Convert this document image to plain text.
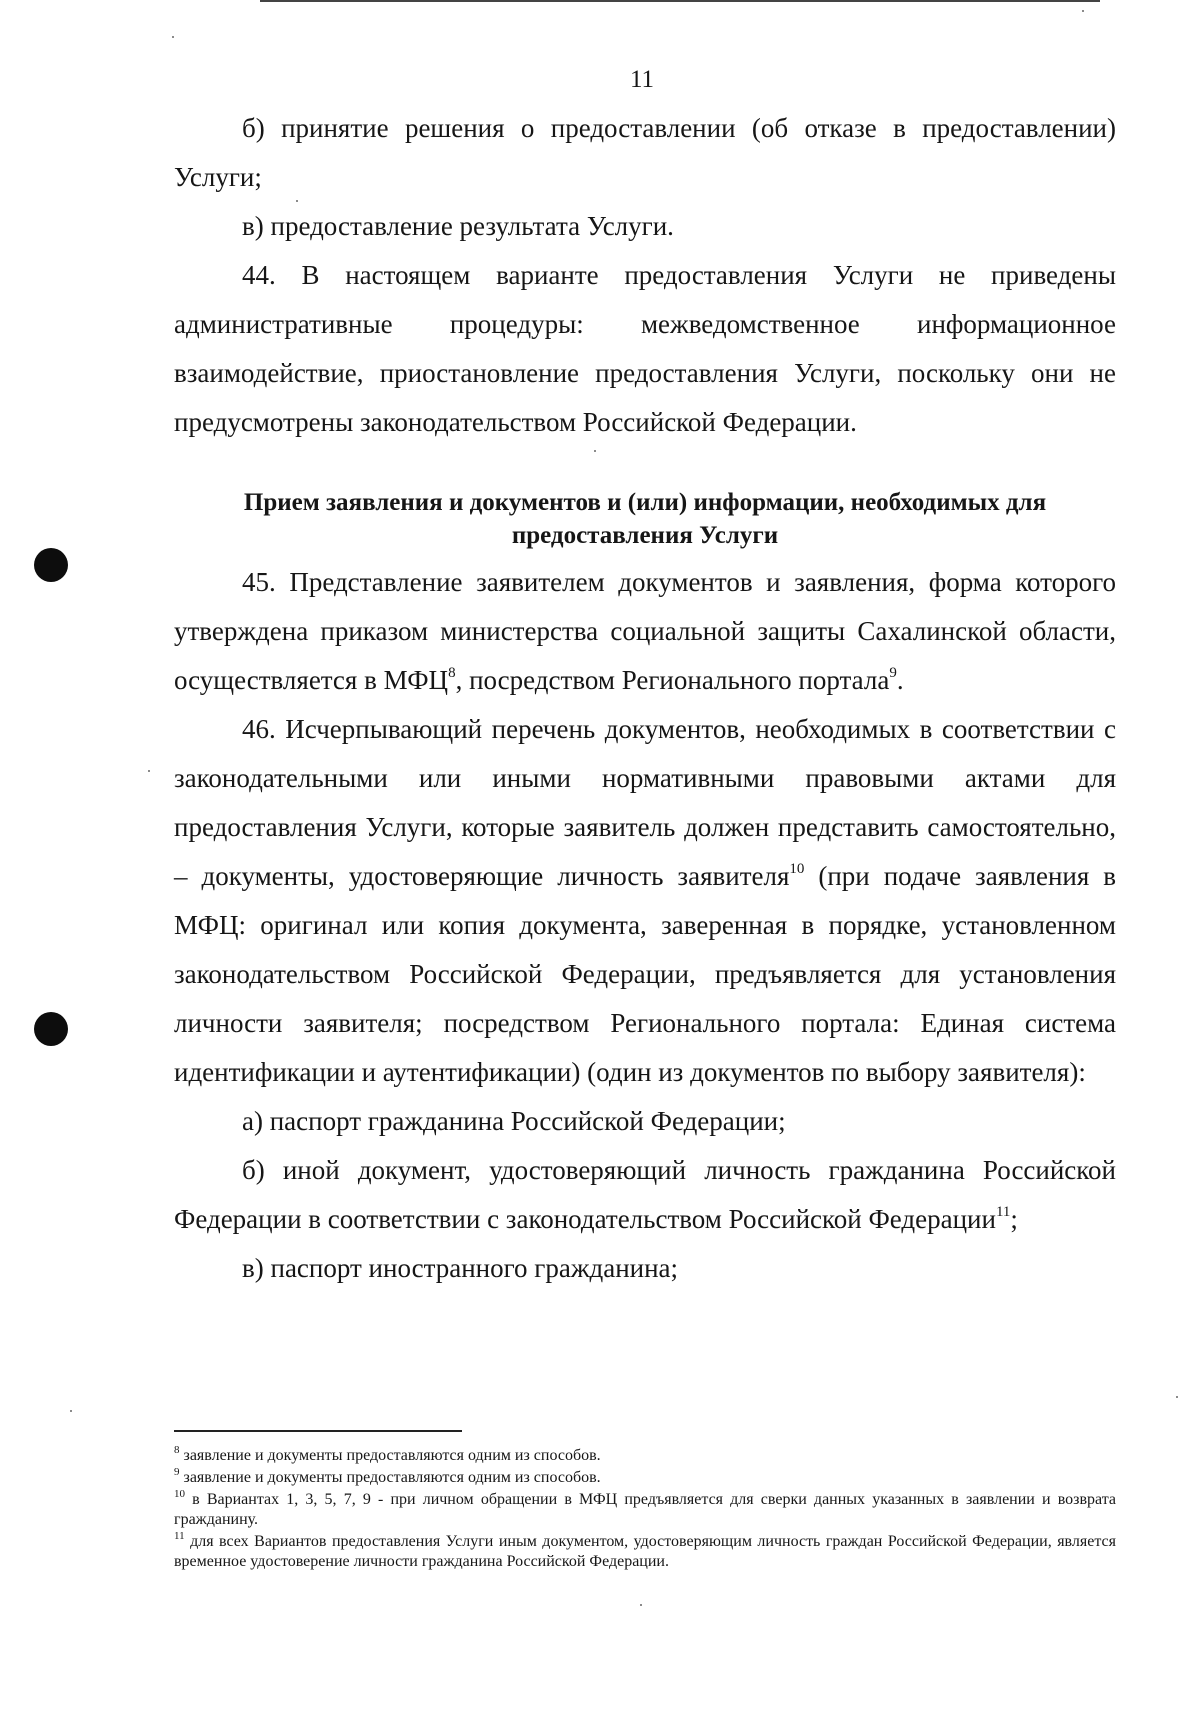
11

б) принятие решения о предоставлении (об отказе в предоставлении) Услуги;

в) предоставление результата Услуги.

44. В настоящем варианте предоставления Услуги не приведены административные процедуры: межведомственное информационное взаимодействие, приостановление предоставления Услуги, поскольку они не предусмотрены законодательством Российской Федерации.

Прием заявления и документов и (или) информации, необходимых для предоставления Услуги

45. Представление заявителем документов и заявления, форма которого утверждена приказом министерства социальной защиты Сахалинской области, осуществляется в МФЦ$^8$, посредством Регионального портала$^9$.

46. Исчерпывающий перечень документов, необходимых в соответствии с законодательными или иными нормативными правовыми актами для предоставления Услуги, которые заявитель должен представить самостоятельно, – документы, удостоверяющие личность заявителя$^{10}$ (при подаче заявления в МФЦ: оригинал или копия документа, заверенная в порядке, установленном законодательством Российской Федерации, предъявляется для установления личности заявителя; посредством Регионального портала: Единая система идентификации и аутентификации) (один из документов по выбору заявителя):

а) паспорт гражданина Российской Федерации;

б) иной документ, удостоверяющий личность гражданина Российской Федерации в соответствии с законодательством Российской Федерации$^{11}$;

в) паспорт иностранного гражданина;

$^8$ заявление и документы предоставляются одним из способов.

$^9$ заявление и документы предоставляются одним из способов.

$^{10}$ в Вариантах 1, 3, 5, 7, 9 - при личном обращении в МФЦ предъявляется для сверки данных указанных в заявлении и возврата гражданину.

$^{11}$ для всех Вариантов предоставления Услуги иным документом, удостоверяющим личность граждан Российской Федерации, является временное удостоверение личности гражданина Российской Федерации.
